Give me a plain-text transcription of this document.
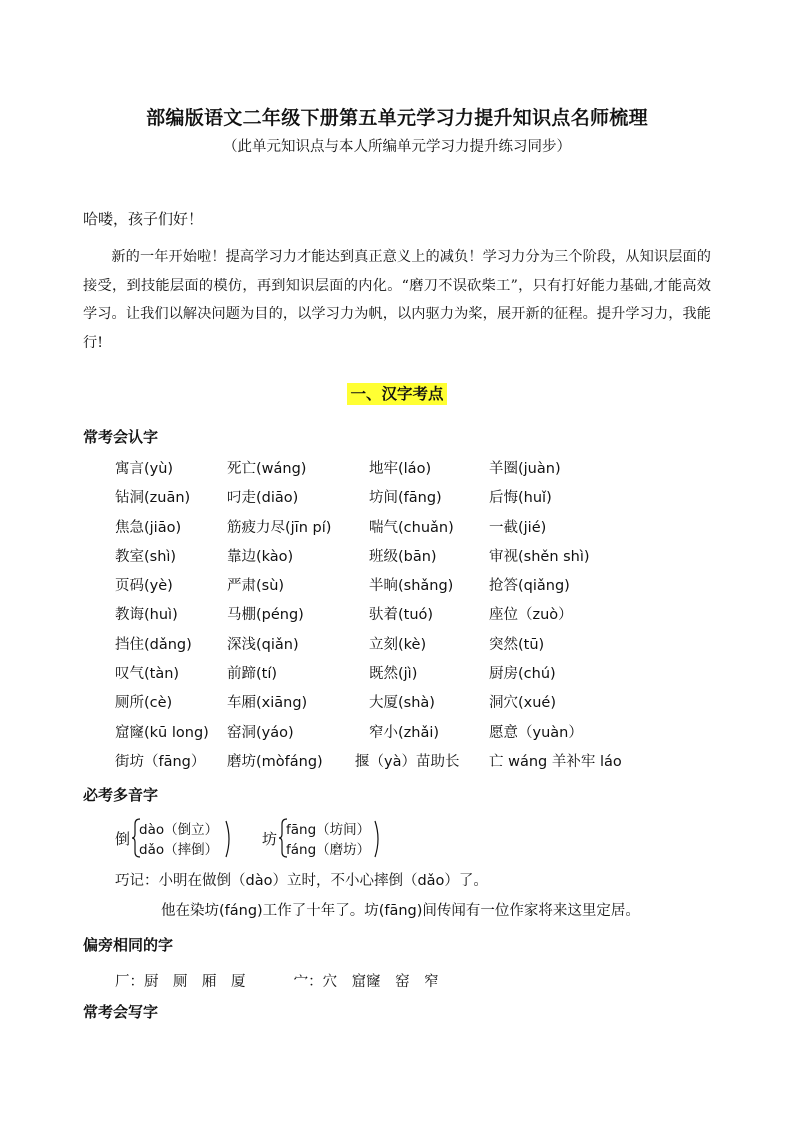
部编版语文二年级下册第五单元学习力提升知识点名师梳理
（此单元知识点与本人所编单元学习力提升练习同步）
哈喽，孩子们好！

新的一年开始啦！提高学习力才能达到真正意义上的减负！学习力分为三个阶段，从知识层面的接受，到技能层面的模仿，再到知识层面的内化。“磨刀不误砍柴工”，只有打好能力基础,才能高效学习。让我们以解决问题为目的，以学习力为帆，以内驱力为桨，展开新的征程。提升学习力，我能行!

一、汉字考点
常考会认字
寓言(yù)	死亡(wáng)	地牢(láo)	羊圈(juàn)
钻洞(zuān)	叼走(diāo)	坊间(fāng)	后悔(huǐ)
焦急(jiāo)	筋疲力尽(jīn pí)	喘气(chuǎn) 一截(jié)
教室(shì)	靠边(kào)	班级(bān)	审视(shěn shì)
页码(yè)	严肃(sù)	半晌(shǎng) 抢答(qiǎng)
教诲(huì)	马棚(péng)	驮着(tuó)	座位（zuò）
挡住(dǎng) 深浅(qiǎn)	立刻(kè)	突然(tū)
叹气(tàn)	前蹄(tí)	既然(jì)	厨房(chú)
厕所(cè)	车厢(xiāng)	大厦(shà)	洞穴(xué)
窟窿(kū long) 窑洞(yáo)	窄小(zhǎi)	愿意（yuàn）
街坊（fāng） 磨坊(mòfáng) 揠（yà）苗助长 亡 wáng 羊补牢 láo
必考多音字
倒 dào（倒立）
dǎo（摔倒）
坊 fāng（坊间）
fáng（磨坊）
巧记：小明在做倒（dào）立时，不小心摔倒（dǎo）了。
他在染坊(fáng)工作了十年了。坊(fāng)间传闻有一位作家将来这里定居。
偏旁相同的字
厂：厨　厕　厢　厦　　　 宀：穴　窟窿　窑　窄
常考会写字
